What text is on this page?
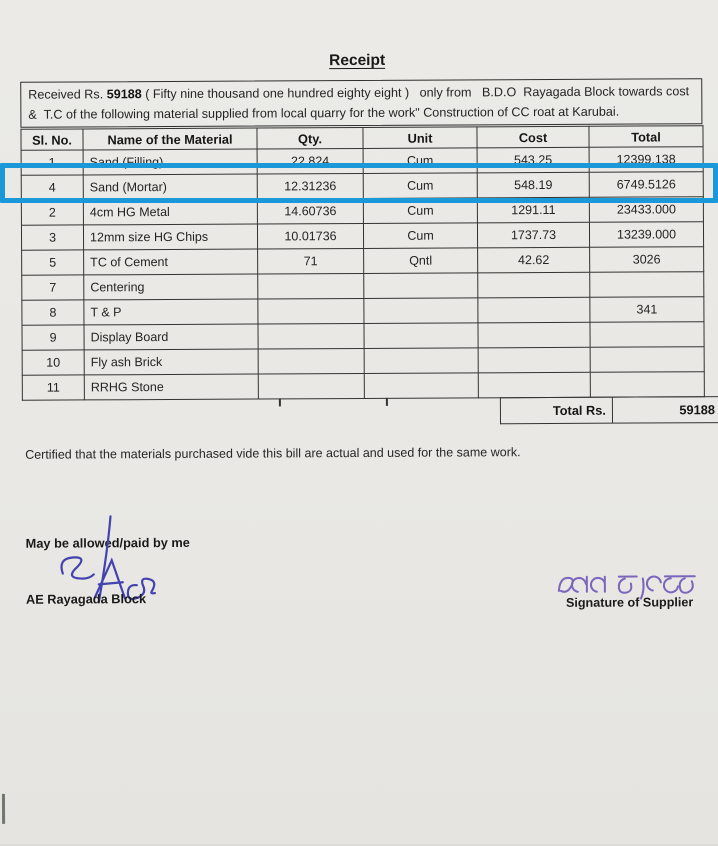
Receipt
Received Rs. 59188 ( Fifty nine thousand one hundred eighty eight )   only from   B.D.O  Rayagada Block towards cost
&  T.C of the following material supplied from local quarry for the work" Construction of CC roat at Karubai.
Sl. No.	Name of the Material	Qty.	Unit	Cost	Total
1	Sand (Filling)	22.824	Cum	543.25	12399.138
4	Sand (Mortar)	12.31236	Cum	548.19	6749.5126
2	4cm HG Metal	14.60736	Cum	1291.11	23433.000
3	12mm size HG Chips	10.01736	Cum	1737.73	13239.000
5	TC of Cement	71	Qntl	42.62	3026
7	Centering				
8	T & P				341
9	Display Board				
10	Fly ash Brick				
11	RRHG Stone				
Total Rs.	59188
Certified that the materials purchased vide this bill are actual and used for the same work.
May be allowed/paid by me
AE Rayagada Block	Signature of Supplier
